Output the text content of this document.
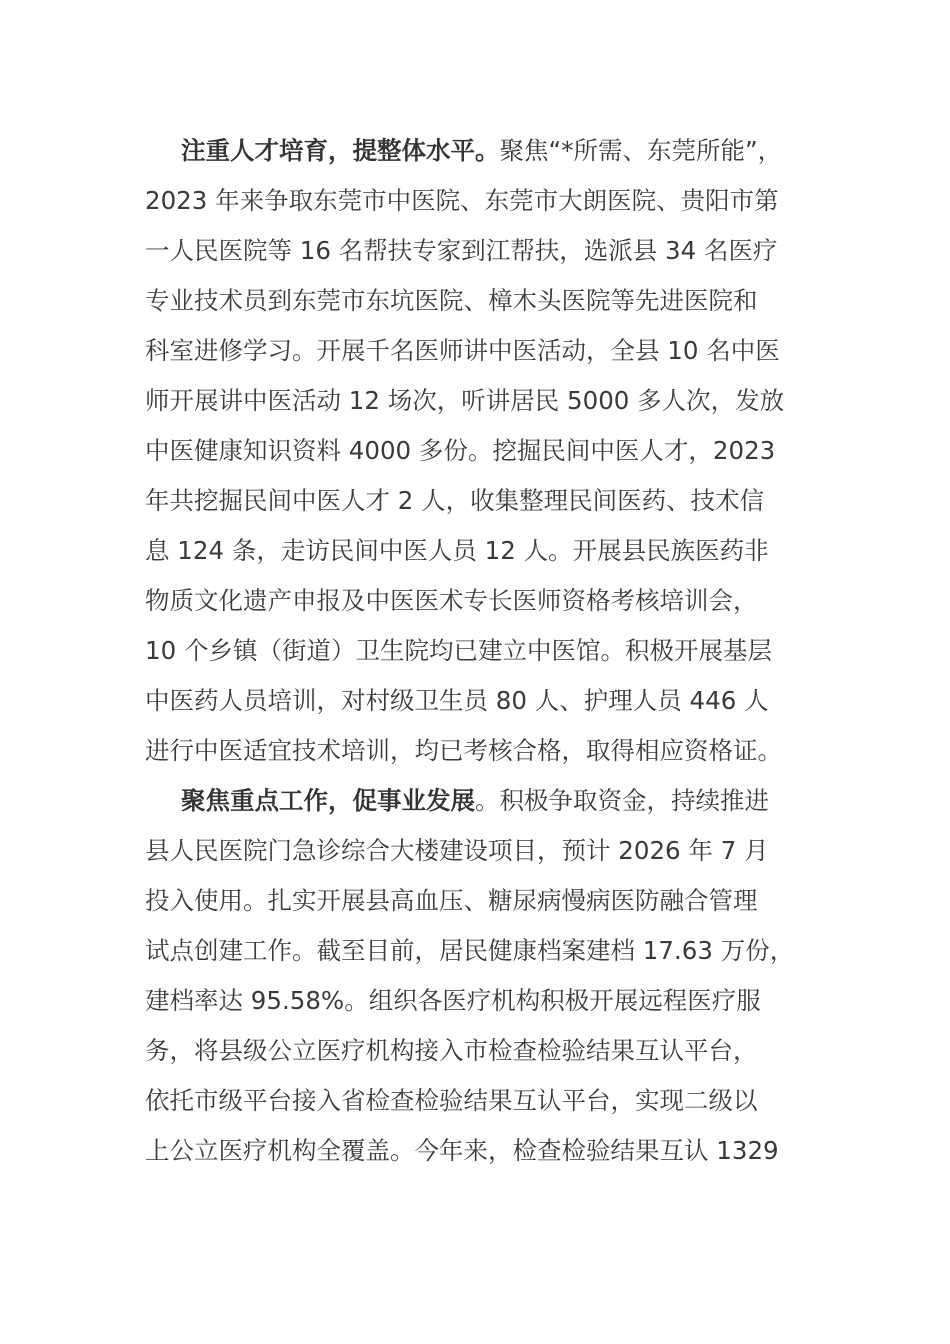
注重人才培育，提整体水平。聚焦“*所需、东莞所能”，
2023 年来争取东莞市中医院、东莞市大朗医院、贵阳市第
一人民医院等 16 名帮扶专家到江帮扶，选派县 34 名医疗
专业技术员到东莞市东坑医院、樟木头医院等先进医院和
科室进修学习。开展千名医师讲中医活动，全县 10 名中医
师开展讲中医活动 12 场次，听讲居民 5000 多人次，发放
中医健康知识资料 4000 多份。挖掘民间中医人才，2023
年共挖掘民间中医人才 2 人，收集整理民间医药、技术信
息 124 条，走访民间中医人员 12 人。开展县民族医药非
物质文化遗产申报及中医医术专长医师资格考核培训会，
10 个乡镇（街道）卫生院均已建立中医馆。积极开展基层
中医药人员培训，对村级卫生员 80 人、护理人员 446 人
进行中医适宜技术培训，均已考核合格，取得相应资格证。
聚焦重点工作，促事业发展。积极争取资金，持续推进
县人民医院门急诊综合大楼建设项目，预计 2026 年 7 月
投入使用。扎实开展县高血压、糖尿病慢病医防融合管理
试点创建工作。截至目前，居民健康档案建档 17.63 万份，
建档率达 95.58%。组织各医疗机构积极开展远程医疗服
务，将县级公立医疗机构接入市检查检验结果互认平台，
依托市级平台接入省检查检验结果互认平台，实现二级以
上公立医疗机构全覆盖。今年来，检查检验结果互认 1329
